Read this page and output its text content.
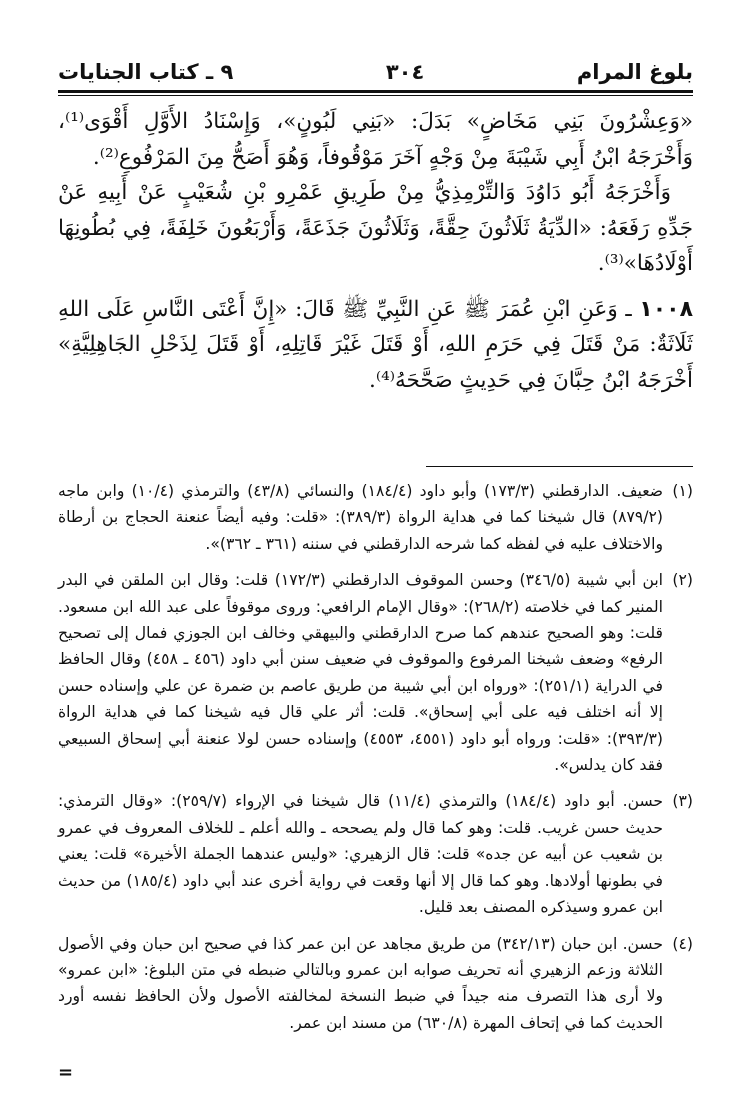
بلوغ المرام
٣٠٤
٩ ـ كتاب الجنايات

«وَعِشْرُونَ بَنِي مَخَاضٍ» بَدَلَ: «بَنِي لَبُونٍ»، وَإِسْنَادُ الأَوَّلِ أَقْوَى⁽¹⁾، وَأَخْرَجَهُ ابْنُ أَبِي شَيْبَةَ مِنْ وَجْهٍ آخَرَ مَوْقُوفاً، وَهُوَ أَصَحُّ مِنَ المَرْفُوعِ⁽²⁾.

وَأَخْرَجَهُ أَبُو دَاوُدَ وَالتِّرْمِذِيُّ مِنْ طَرِيقِ عَمْرِو بْنِ شُعَيْبٍ عَنْ أَبِيهِ عَنْ جَدِّهِ رَفَعَهُ: «الدِّيَةُ ثَلَاثُونَ حِقَّةً، وَثَلَاثُونَ جَذَعَةً، وَأَرْبَعُونَ خَلِفَةً، فِي بُطُونِهَا أَوْلَادُهَا»⁽³⁾.

١٠٠٨ ـ وَعَنِ ابْنِ عُمَرَ ﷺ عَنِ النَّبِيِّ ﷺ قَالَ: «إِنَّ أَعْتَى النَّاسِ عَلَى اللهِ ثَلَاثَةٌ: مَنْ قَتَلَ فِي حَرَمِ اللهِ، أَوْ قَتَلَ غَيْرَ قَاتِلِهِ، أَوْ قَتَلَ لِذَحْلِ الجَاهِلِيَّةِ» أَخْرَجَهُ ابْنُ حِبَّانَ فِي حَدِيثٍ صَحَّحَهُ⁽⁴⁾.

(١)
ضعيف. الدارقطني (١٧٣/٣) وأبو داود (١٨٤/٤) والنسائي (٤٣/٨) والترمذي (١٠/٤) وابن ماجه (٨٧٩/٢) قال شيخنا كما في هداية الرواة (٣٨٩/٣): «قلت: وفيه أيضاً عنعنة الحجاج بن أرطاة والاختلاف عليه في لفظه كما شرحه الدارقطني في سننه (٣٦١ ـ ٣٦٢)».
(٢)
ابن أبي شيبة (٣٤٦/٥) وحسن الموقوف الدارقطني (١٧٢/٣) قلت: وقال ابن الملقن في البدر المنير كما في خلاصته (٢٦٨/٢): «وقال الإمام الرافعي: وروى موقوفاً على عبد الله ابن مسعود. قلت: وهو الصحيح عندهم كما صرح الدارقطني والبيهقي وخالف ابن الجوزي فمال إلى تصحيح الرفع» وضعف شيخنا المرفوع والموقوف في ضعيف سنن أبي داود (٤٥٦ ـ ٤٥٨) وقال الحافظ في الدراية (٢٥١/١): «ورواه ابن أبي شيبة من طريق عاصم بن ضمرة عن علي وإسناده حسن إلا أنه اختلف فيه على أبي إسحاق». قلت: أثر علي قال فيه شيخنا كما في هداية الرواة (٣٩٣/٣): «قلت: ورواه أبو داود (٤٥٥١، ٤٥٥٣) وإسناده حسن لولا عنعنة أبي إسحاق السبيعي فقد كان يدلس».
(٣)
حسن. أبو داود (١٨٤/٤) والترمذي (١١/٤) قال شيخنا في الإرواء (٢٥٩/٧): «وقال الترمذي: حديث حسن غريب. قلت: وهو كما قال ولم يصححه ـ والله أعلم ـ للخلاف المعروف في عمرو بن شعيب عن أبيه عن جده» قلت: قال الزهيري: «وليس عندهما الجملة الأخيرة» قلت: يعني في بطونها أولادها. وهو كما قال إلا أنها وقعت في رواية أخرى عند أبي داود (١٨٥/٤) من حديث ابن عمرو وسيذكره المصنف بعد قليل.
(٤)
حسن. ابن حبان (٣٤٢/١٣) من طريق مجاهد عن ابن عمر كذا في صحيح ابن حبان وفي الأصول الثلاثة وزعم الزهيري أنه تحريف صوابه ابن عمرو وبالتالي ضبطه في متن البلوغ: «ابن عمرو» ولا أرى هذا التصرف منه جيداً في ضبط النسخة لمخالفته الأصول ولأن الحافظ نفسه أورد الحديث كما في إتحاف المهرة (٦٣٠/٨) من مسند ابن عمر.
=
